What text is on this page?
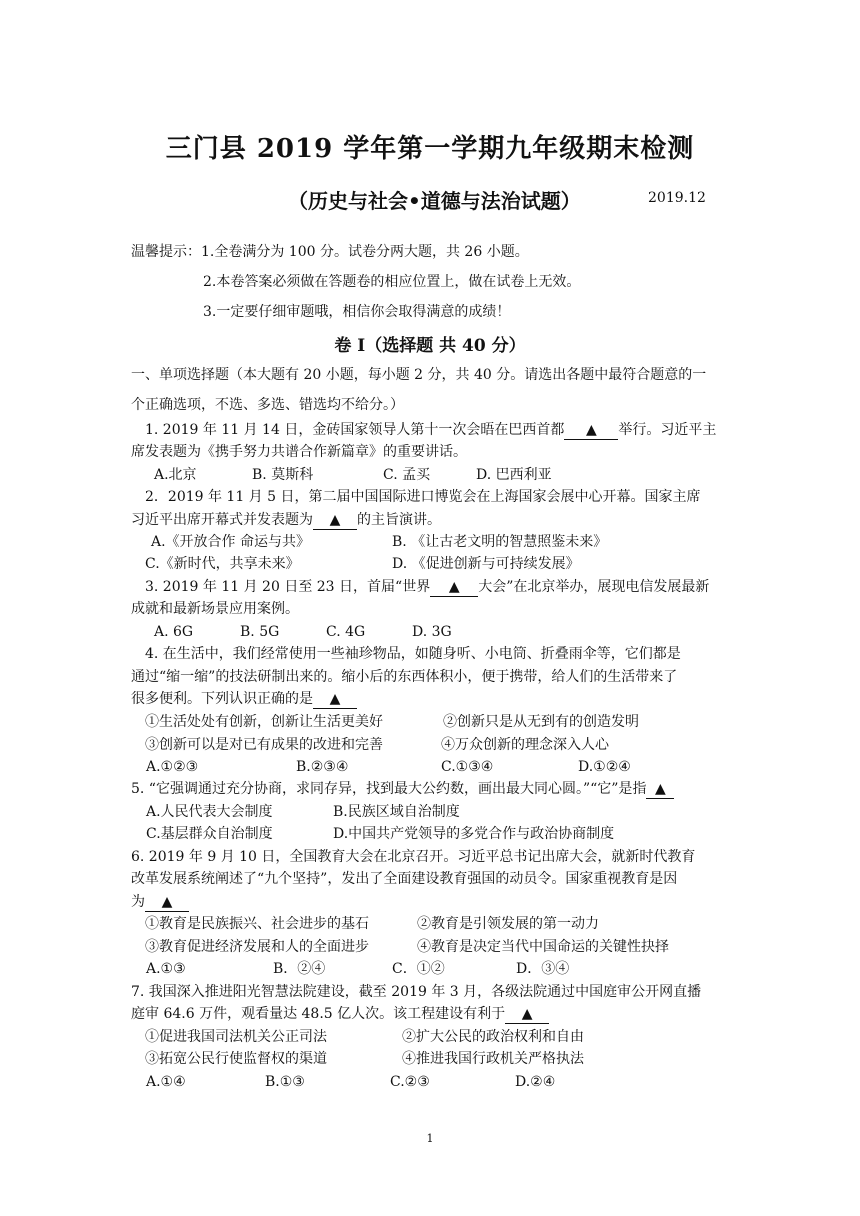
三门县 2019 学年第一学期九年级期末检测
（历史与社会•道德与法治试题）	2019.12
温馨提示：1.全卷满分为 100 分。试卷分两大题，共 26 小题。
2.本卷答案必须做在答题卷的相应位置上，做在试卷上无效。
3.一定要仔细审题哦，相信你会取得满意的成绩！
卷 Ⅰ（选择题 共 40 分）
一、单项选择题（本大题有 20 小题，每小题 2 分，共 40 分。请选出各题中最符合题意的一
个正确选项，不选、多选、错选均不给分。）
1. 2019 年 11 月 14 日，金砖国家领导人第十一次会晤在巴西首都 ▲ 举行。习近平主
席发表题为《携手努力共谱合作新篇章》的重要讲话。
A.北京	B. 莫斯科	C. 孟买	D. 巴西利亚
2．2019 年 11 月 5 日，第二届中国国际进口博览会在上海国家会展中心开幕。国家主席
习近平出席开幕式并发表题为 ▲ 的主旨演讲。
A.《开放合作 命运与共》	B. 《让古老文明的智慧照鉴未来》
C.《新时代，共享未来》	D. 《促进创新与可持续发展》
3. 2019 年 11 月 20 日至 23 日，首届“世界 ▲ 大会”在北京举办，展现电信发展最新
成就和最新场景应用案例。
A. 6G	B. 5G	C. 4G	D. 3G
4. 在生活中，我们经常使用一些袖珍物品，如随身听、小电筒、折叠雨伞等，它们都是
通过“缩一缩”的技法研制出来的。缩小后的东西体积小，便于携带，给人们的生活带来了
很多便利。下列认识正确的是 ▲
①生活处处有创新，创新让生活更美好	②创新只是从无到有的创造发明
③创新可以是对已有成果的改进和完善	④万众创新的理念深入人心
A.①②③	B.②③④	C.①③④	D.①②④
5. “它强调通过充分协商，求同存异，找到最大公约数，画出最大同心圆。”“它”是指 ▲
A.人民代表大会制度	B.民族区域自治制度
C.基层群众自治制度	D.中国共产党领导的多党合作与政治协商制度
6. 2019 年 9 月 10 日，全国教育大会在北京召开。习近平总书记出席大会，就新时代教育
改革发展系统阐述了“九个坚持”，发出了全面建设教育强国的动员令。国家重视教育是因
为 ▲
①教育是民族振兴、社会进步的基石	②教育是引领发展的第一动力
③教育促进经济发展和人的全面进步	④教育是决定当代中国命运的关键性抉择
A.①③	B．②④	C．①②	D．③④
7. 我国深入推进阳光智慧法院建设，截至 2019 年 3 月，各级法院通过中国庭审公开网直播
庭审 64.6 万件，观看量达 48.5 亿人次。该工程建设有利于 ▲
①促进我国司法机关公正司法	②扩大公民的政治权利和自由
③拓宽公民行使监督权的渠道	④推进我国行政机关严格执法
A.①④	B.①③	C.②③	D.②④
1
